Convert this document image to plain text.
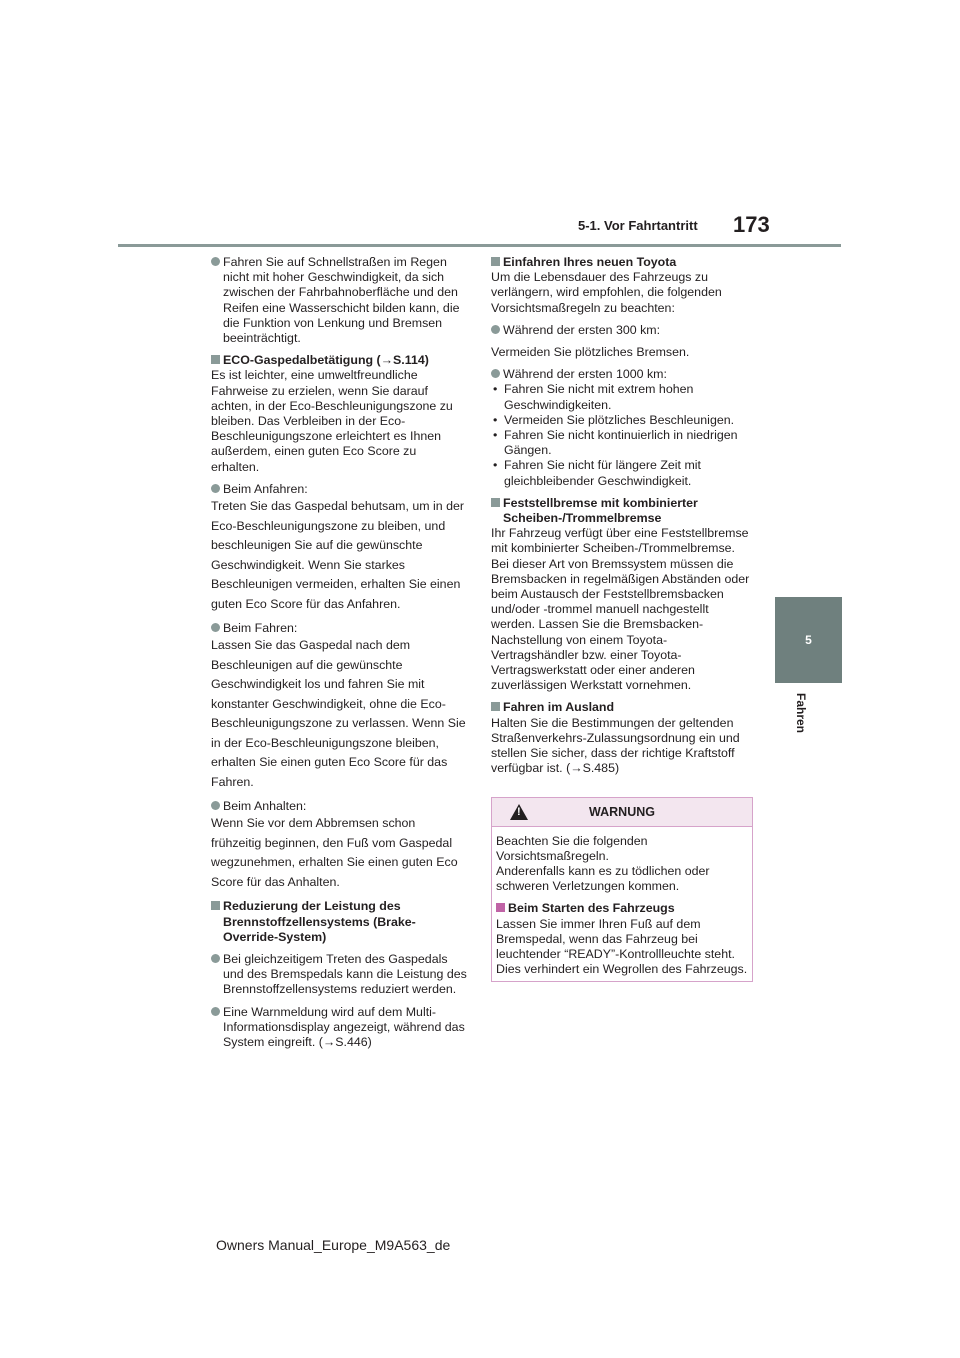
5-1. Vor Fahrtantritt 173
5
Fahren
Fahren Sie auf Schnellstraßen im Regen nicht mit hoher Geschwindigkeit, da sich zwischen der Fahrbahnoberfläche und den Reifen eine Wasserschicht bilden kann, die die Funktion von Lenkung und Bremsen beeinträchtigt.
ECO-Gaspedalbetätigung (→S.114)
Es ist leichter, eine umweltfreundliche Fahrweise zu erzielen, wenn Sie darauf achten, in der Eco-Beschleunigungszone zu bleiben. Das Verbleiben in der Eco-Beschleunigungszone erleichtert es Ihnen außerdem, einen guten Eco Score zu erhalten.
Beim Anfahren:
Treten Sie das Gaspedal behutsam, um in der Eco-Beschleunigungszone zu bleiben, und beschleunigen Sie auf die gewünschte Geschwindigkeit. Wenn Sie starkes Beschleunigen vermeiden, erhalten Sie einen guten Eco Score für das Anfahren.
Beim Fahren:
Lassen Sie das Gaspedal nach dem Beschleunigen auf die gewünschte Geschwindigkeit los und fahren Sie mit konstanter Geschwindigkeit, ohne die Eco-Beschleunigungszone zu verlassen. Wenn Sie in der Eco-Beschleunigungszone bleiben, erhalten Sie einen guten Eco Score für das Fahren.
Beim Anhalten:
Wenn Sie vor dem Abbremsen schon frühzeitig beginnen, den Fuß vom Gaspedal wegzunehmen, erhalten Sie einen guten Eco Score für das Anhalten.
Reduzierung der Leistung des Brennstoffzellensystems (Brake-Override-System)
Bei gleichzeitigem Treten des Gaspedals und des Bremspedals kann die Leistung des Brennstoffzellensystems reduziert werden.
Eine Warnmeldung wird auf dem Multi-Informationsdisplay angezeigt, während das System eingreift. (→S.446)
Einfahren Ihres neuen Toyota
Um die Lebensdauer des Fahrzeugs zu verlängern, wird empfohlen, die folgenden Vorsichtsmaßregeln zu beachten:
Während der ersten 300 km:
Vermeiden Sie plötzliches Bremsen.
Während der ersten 1000 km:
• Fahren Sie nicht mit extrem hohen Geschwindigkeiten.
• Vermeiden Sie plötzliches Beschleunigen.
• Fahren Sie nicht kontinuierlich in niedrigen Gängen.
• Fahren Sie nicht für längere Zeit mit gleichbleibender Geschwindigkeit.
Feststellbremse mit kombinierter Scheiben-/Trommelbremse
Ihr Fahrzeug verfügt über eine Feststellbremse mit kombinierter Scheiben-/Trommelbremse. Bei dieser Art von Bremssystem müssen die Bremsbacken in regelmäßigen Abständen oder beim Austausch der Feststellbremsbacken und/oder -trommel manuell nachgestellt werden. Lassen Sie die Bremsbacken-Nachstellung von einem Toyota-Vertragshändler bzw. einer Toyota-Vertragswerkstatt oder einer anderen zuverlässigen Werkstatt vornehmen.
Fahren im Ausland
Halten Sie die Bestimmungen der geltenden Straßenverkehrs-Zulassungsordnung ein und stellen Sie sicher, dass der richtige Kraftstoff verfügbar ist. (→S.485)
!
WARNUNG
Beachten Sie die folgenden Vorsichtsmaßregeln.
Anderenfalls kann es zu tödlichen oder schweren Verletzungen kommen.
Beim Starten des Fahrzeugs
Lassen Sie immer Ihren Fuß auf dem Bremspedal, wenn das Fahrzeug bei leuchtender “READY”-Kontrollleuchte steht. Dies verhindert ein Wegrollen des Fahrzeugs.
Owners Manual_Europe_M9A563_de
